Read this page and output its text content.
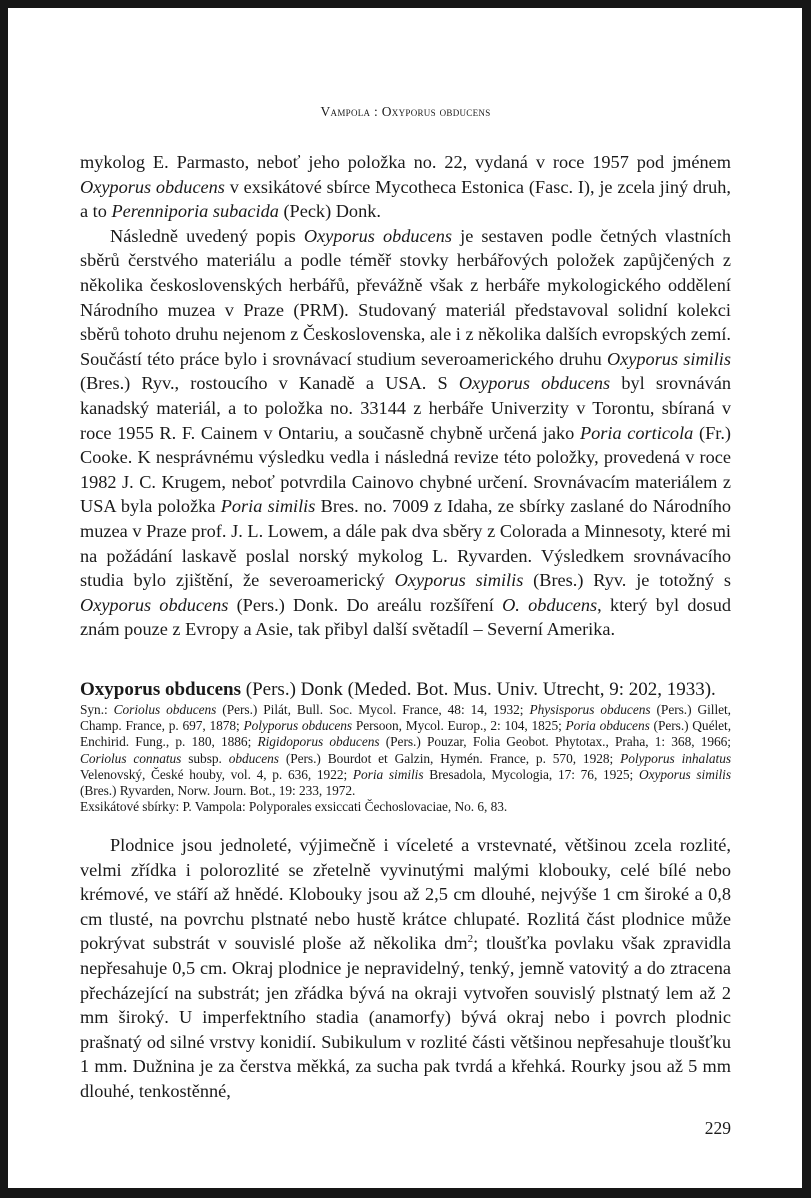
Vampola : Oxyporus obducens

mykolog E. Parmasto, neboť jeho položka no. 22, vydaná v roce 1957 pod jménem Oxyporus obducens v exsikátové sbírce Mycotheca Estonica (Fasc. I), je zcela jiný druh, a to Perenniporia subacida (Peck) Donk.

Následně uvedený popis Oxyporus obducens je sestaven podle četných vlastních sběrů čerstvého materiálu a podle téměř stovky herbářových položek zapůjčených z několika československých herbářů, převážně však z herbáře mykologického oddělení Národního muzea v Praze (PRM). Studovaný materiál představoval solidní kolekci sběrů tohoto druhu nejenom z Československa, ale i z několika dalších evropských zemí. Součástí této práce bylo i srovnávací studium severoamerického druhu Oxyporus similis (Bres.) Ryv., rostoucího v Kanadě a USA. S Oxyporus obducens byl srovnáván kanadský materiál, a to položka no. 33144 z herbáře Univerzity v Torontu, sbíraná v roce 1955 R. F. Cainem v Ontariu, a současně chybně určená jako Poria corticola (Fr.) Cooke. K nesprávnému výsledku vedla i následná revize této položky, provedená v roce 1982 J. C. Krugem, neboť potvrdila Cainovo chybné určení. Srovnávacím materiálem z USA byla položka Poria similis Bres. no. 7009 z Idaha, ze sbírky zaslané do Národního muzea v Praze prof. J. L. Lowem, a dále pak dva sběry z Colorada a Minnesoty, které mi na požádání laskavě poslal norský mykolog L. Ryvarden. Výsledkem srovnávacího studia bylo zjištění, že severoamerický Oxyporus similis (Bres.) Ryv. je totožný s Oxyporus obducens (Pers.) Donk. Do areálu rozšíření O. obducens, který byl dosud znám pouze z Evropy a Asie, tak přibyl další světadíl – Severní Amerika.

Oxyporus obducens (Pers.) Donk (Meded. Bot. Mus. Univ. Utrecht, 9: 202, 1933).

Syn.: Coriolus obducens (Pers.) Pilát, Bull. Soc. Mycol. France, 48: 14, 1932; Physisporus obducens (Pers.) Gillet, Champ. France, p. 697, 1878; Polyporus obducens Persoon, Mycol. Europ., 2: 104, 1825; Poria obducens (Pers.) Quélet, Enchirid. Fung., p. 180, 1886; Rigidoporus obducens (Pers.) Pouzar, Folia Geobot. Phytotax., Praha, 1: 368, 1966; Coriolus connatus subsp. obducens (Pers.) Bourdot et Galzin, Hymén. France, p. 570, 1928; Polyporus inhalatus Velenovský, České houby, vol. 4, p. 636, 1922; Poria similis Bresadola, Mycologia, 17: 76, 1925; Oxyporus similis (Bres.) Ryvarden, Norw. Journ. Bot., 19: 233, 1972.

Exsikátové sbírky: P. Vampola: Polyporales exsiccati Čechoslovaciae, No. 6, 83.

Plodnice jsou jednoleté, výjimečně i víceleté a vrstevnaté, většinou zcela rozlité, velmi zřídka i polorozlité se zřetelně vyvinutými malými klobouky, celé bílé nebo krémové, ve stáří až hnědé. Klobouky jsou až 2,5 cm dlouhé, nejvýše 1 cm široké a 0,8 cm tlusté, na povrchu plstnaté nebo hustě krátce chlupaté. Rozlitá část plodnice může pokrývat substrát v souvislé ploše až několika $dm^2$; tloušťka povlaku však zpravidla nepřesahuje 0,5 cm. Okraj plodnice je nepravidelný, tenký, jemně vatovitý a do ztracena přecházející na substrát; jen zřádka bývá na okraji vytvořen souvislý plstnatý lem až 2 mm široký. U imperfektního stadia (anamorfy) bývá okraj nebo i povrch plodnic prašnatý od silné vrstvy konidií. Subikulum v rozlité části většinou nepřesahuje tloušťku 1 mm. Dužnina je za čerstva měkká, za sucha pak tvrdá a křehká. Rourky jsou až 5 mm dlouhé, tenkostěnné,

229
